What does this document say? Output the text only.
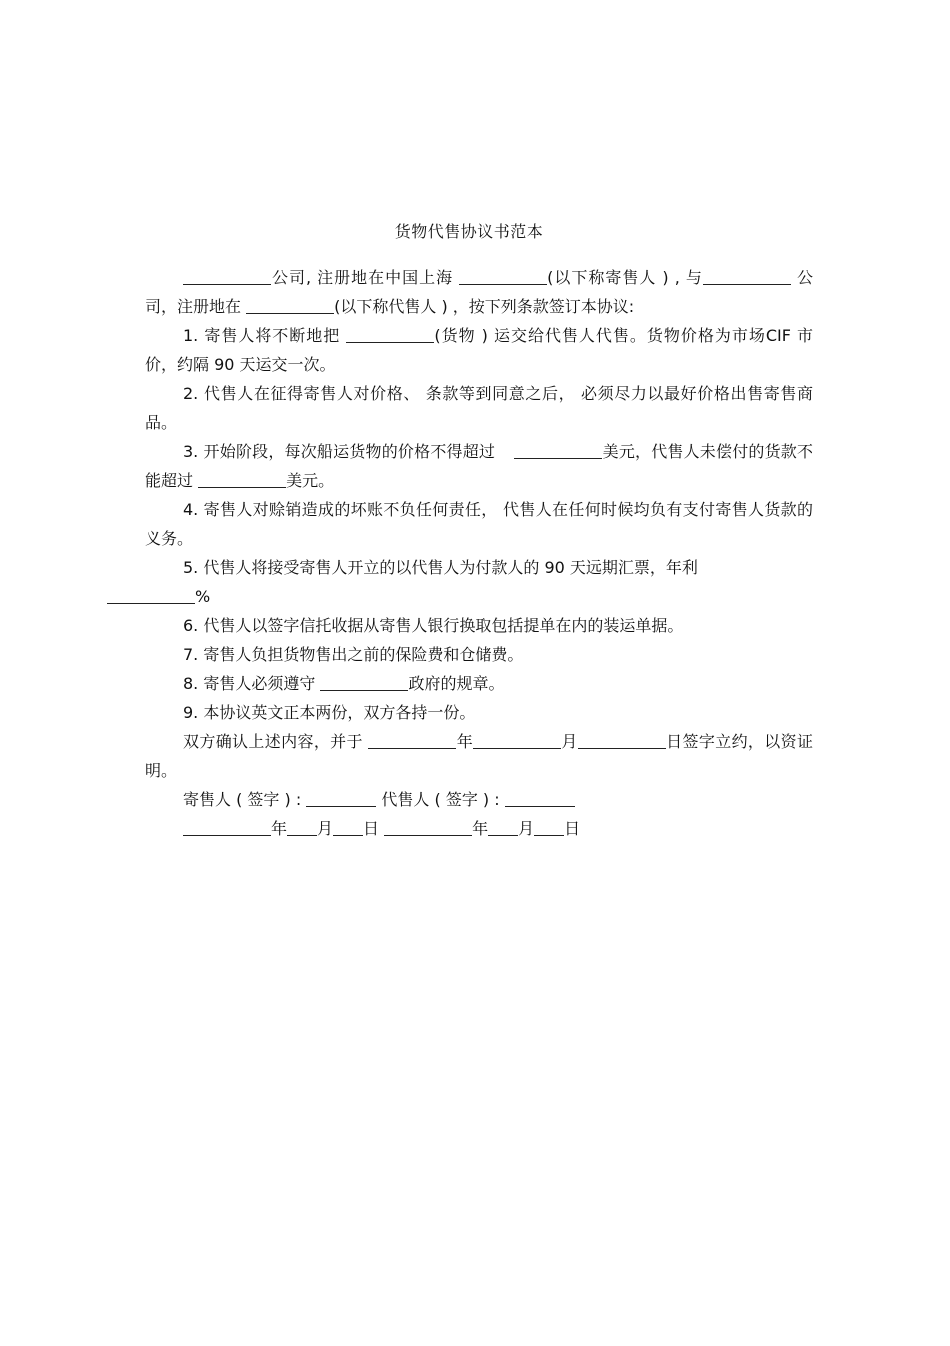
货物代售协议书范本

公司, 注册地在中国上海	(以下称寄售人 ) , 与	公司，注册地在	(以下称代售人 ) ，按下列条款签订本协议:

1. 寄售人将不断地把	(货物 ) 运交给代售人代售。货物价格为市场CIF 市价，约隔 90 天运交一次。

2. 代售人在征得寄售人对价格、 条款等到同意之后， 必须尽力以最好价格出售寄售商品。

3. 开始阶段，每次船运货物的价格不得超过	美元，代售人未偿付的货款不能超过	美元。

4. 寄售人对赊销造成的坏账不负任何责任， 代售人在任何时候均负有支付寄售人货款的义务。

5. 代售人将接受寄售人开立的以代售人为付款人的 90 天远期汇票，年利
%

6. 代售人以签字信托收据从寄售人银行换取包括提单在内的装运单据。

7. 寄售人负担货物售出之前的保险费和仓储费。

8. 寄售人必须遵守	政府的规章。

9. 本协议英文正本两份，双方各持一份。

双方确认上述内容，并于	年	月	日签字立约，以资证明。

寄售人 ( 签字 ) :	代售人 ( 签字 ) :

年 月 日	年 月 日
